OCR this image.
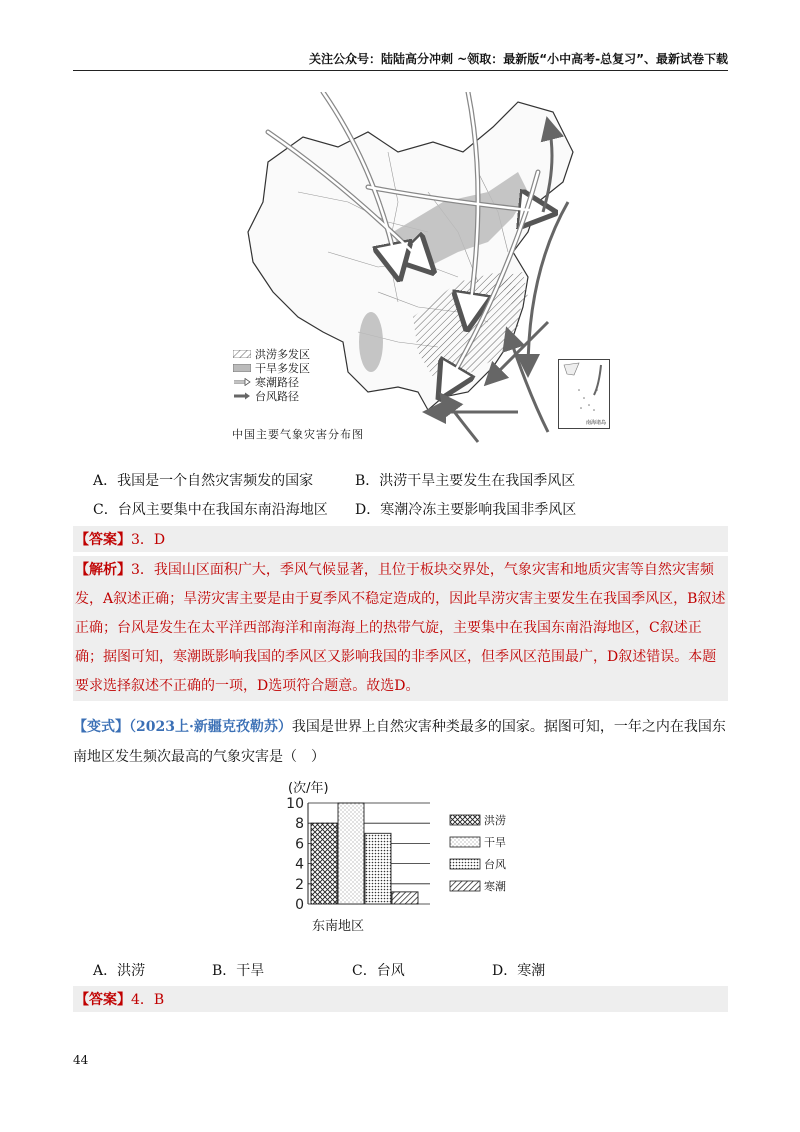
关注公众号：陆陆高分冲刺 ~领取：最新版“小中高考-总复习”、最新试卷下载
洪涝多发区
干旱多发区
寒潮路径
台风路径
南海诸岛
中国主要气象灾害分布图
A．我国是一个自然灾害频发的国家	B．洪涝干旱主要发生在我国季风区
C．台风主要集中在我国东南沿海地区 D．寒潮冷冻主要影响我国非季风区
【答案】3．D
【解析】3．我国山区面积广大，季风气候显著，且位于板块交界处，气象灾害和地质灾害等自然灾害频发，A叙述正确；旱涝灾害主要是由于夏季风不稳定造成的，因此旱涝灾害主要发生在我国季风区，B叙述正确；台风是发生在太平洋西部海洋和南海海上的热带气旋，主要集中在我国东南沿海地区，C叙述正确；据图可知，寒潮既影响我国的季风区又影响我国的非季风区，但季风区范围最广，D叙述错误。本题要求选择叙述不正确的一项，D选项符合题意。故选D。
【变式】（2023上·新疆克孜勒苏）我国是世界上自然灾害种类最多的国家。据图可知，一年之内在我国东南地区发生频次最高的气象灾害是（　）
(次/年)
0
2
4
6
8
10
洪涝
干旱
台风
寒潮
东南地区
A．洪涝	B．干旱	C．台风	D．寒潮
【答案】4．B
44
